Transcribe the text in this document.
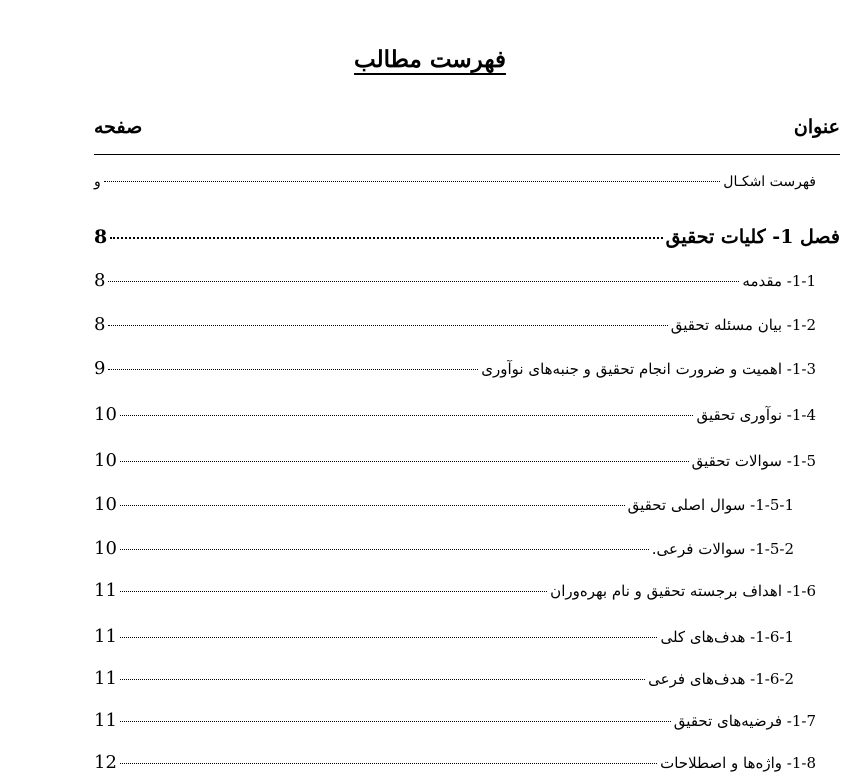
فهرست مطالب
عنوان
صفحه
فهرست اشکـال
و
فصل 1- کلیات تحقیق
8
1-1- مقدمه
8
1-2- بیان مسئله تحقیق
8
1-3- اهمیت و ضرورت انجام تحقیق و جنبه‌های نوآوری
9
1-4- نوآوری تحقیق
10
1-5- سوالات تحقیق
10
1-5-1- سوال اصلی تحقیق
10
1-5-2- سوالات فرعی.
10
1-6- اهداف برجسته تحقیق و نام بهره‌وران
11
1-6-1- هدف‌های کلی
11
1-6-2- هدف‌های فرعی
11
1-7- فرضیه‌های تحقیق
11
1-8- واژه‌ها و اصطلاحات
12
